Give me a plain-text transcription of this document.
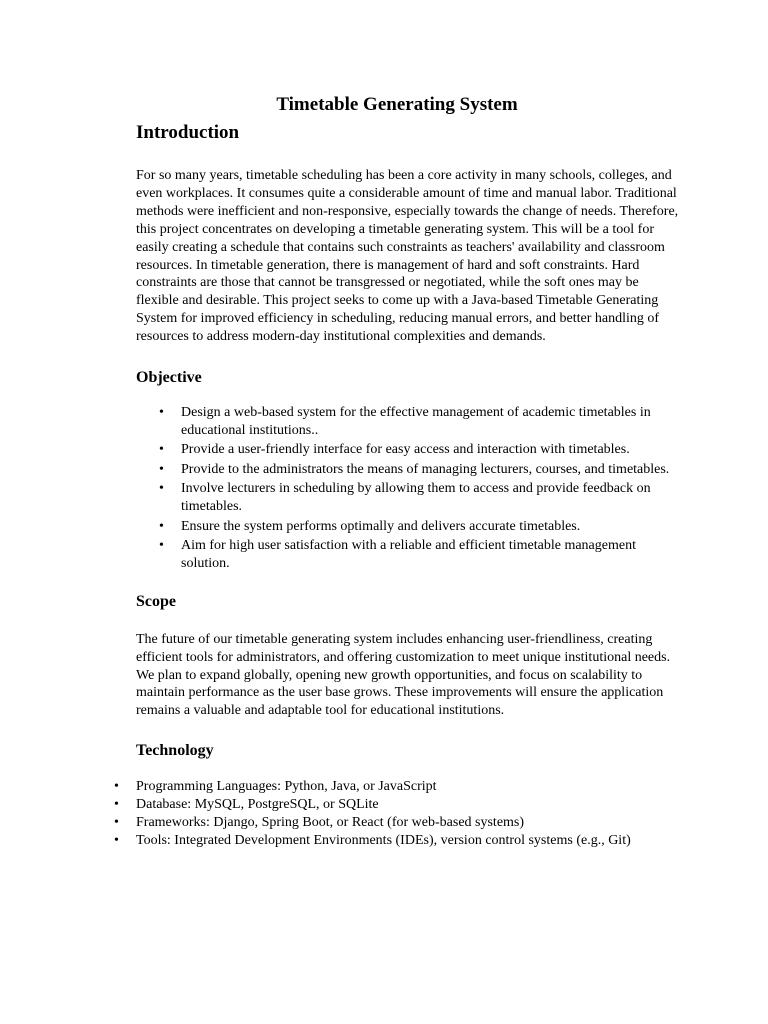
Timetable Generating System
Introduction

For so many years, timetable scheduling has been a core activity in many schools, colleges, and even workplaces. It consumes quite a considerable amount of time and manual labor. Traditional methods were inefficient and non-responsive, especially towards the change of needs. Therefore, this project concentrates on developing a timetable generating system. This will be a tool for easily creating a schedule that contains such constraints as teachers' availability and classroom resources. In timetable generation, there is management of hard and soft constraints. Hard constraints are those that cannot be transgressed or negotiated, while the soft ones may be flexible and desirable. This project seeks to come up with a Java-based Timetable Generating System for improved efficiency in scheduling, reducing manual errors, and better handling of resources to address modern-day institutional complexities and demands.

Objective
• Design a web-based system for the effective management of academic timetables in educational institutions..
• Provide a user-friendly interface for easy access and interaction with timetables.
• Provide to the administrators the means of managing lecturers, courses, and timetables.
• Involve lecturers in scheduling by allowing them to access and provide feedback on timetables.
• Ensure the system performs optimally and delivers accurate timetables.
• Aim for high user satisfaction with a reliable and efficient timetable management solution.
Scope

The future of our timetable generating system includes enhancing user-friendliness, creating efficient tools for administrators, and offering customization to meet unique institutional needs. We plan to expand globally, opening new growth opportunities, and focus on scalability to maintain performance as the user base grows. These improvements will ensure the application remains a valuable and adaptable tool for educational institutions.

Technology
• Programming Languages: Python, Java, or JavaScript
• Database: MySQL, PostgreSQL, or SQLite
• Frameworks: Django, Spring Boot, or React (for web-based systems)
• Tools: Integrated Development Environments (IDEs), version control systems (e.g., Git)
